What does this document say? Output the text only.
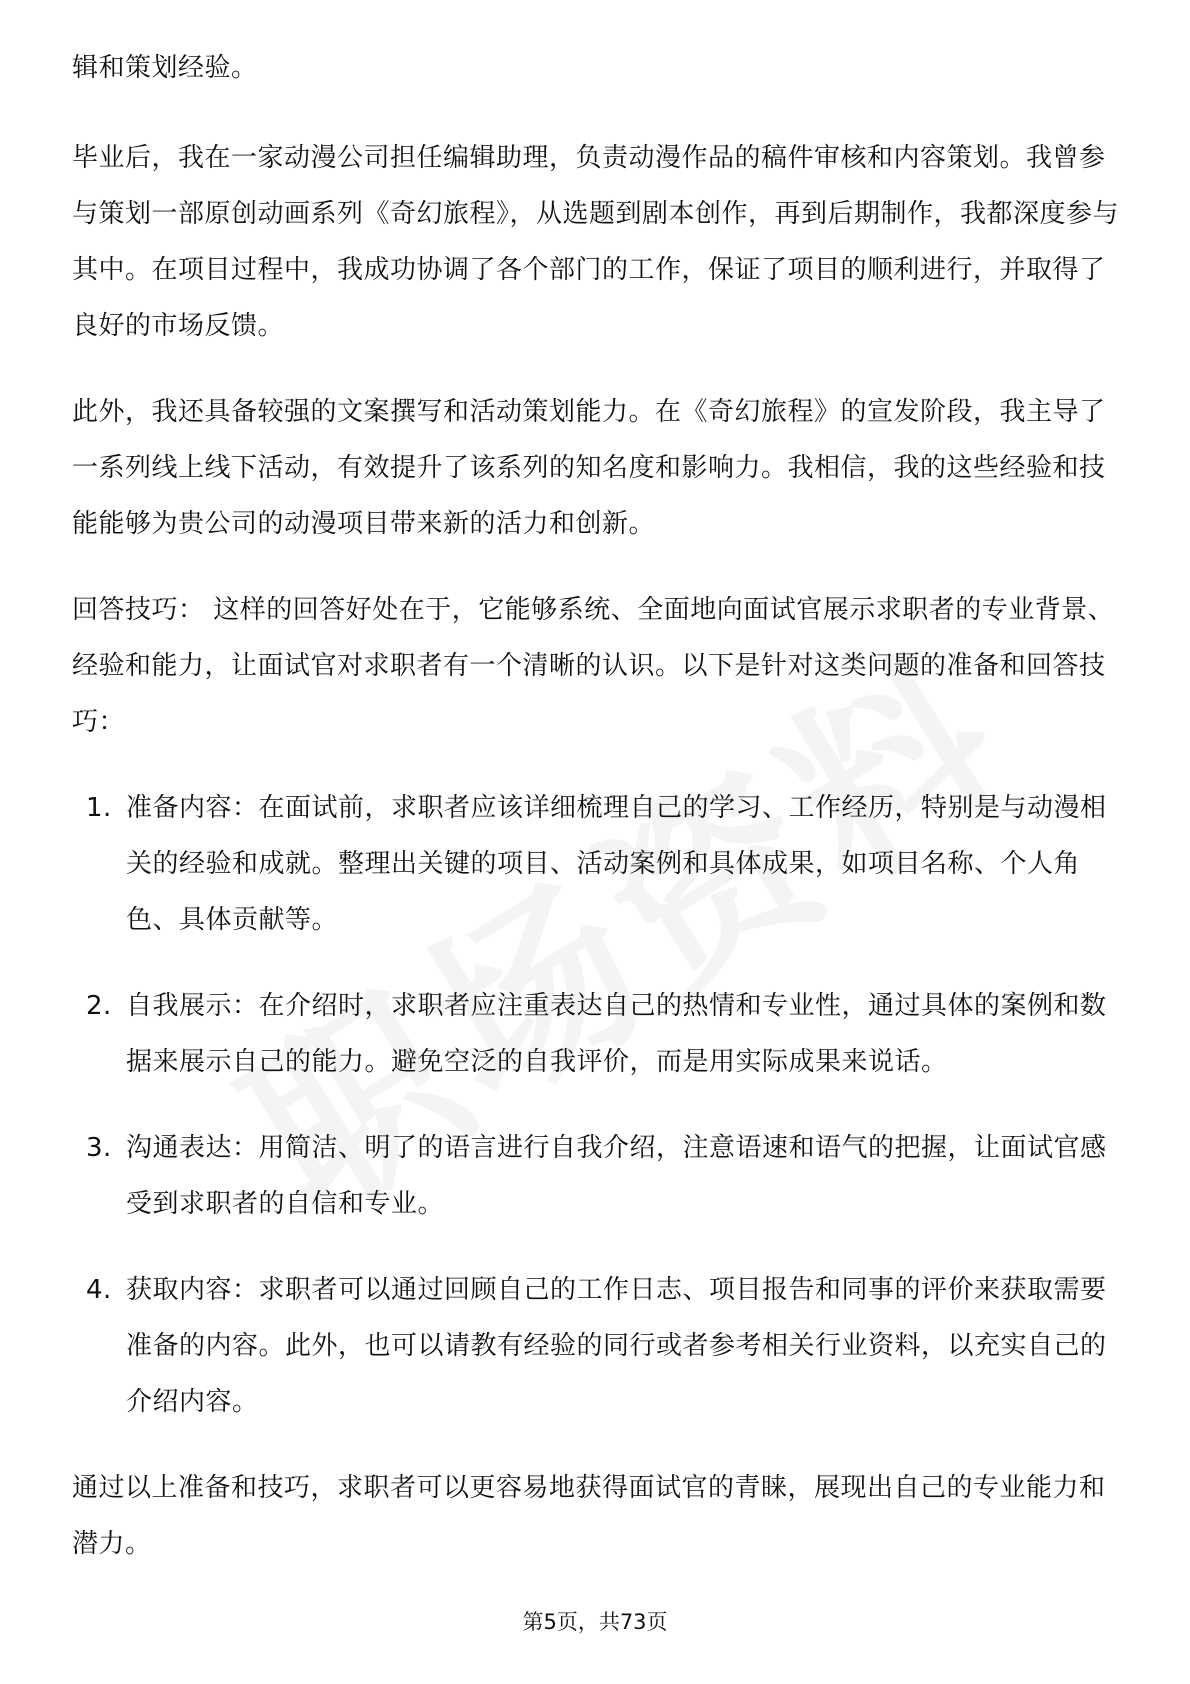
辑和策划经验。

毕业后，我在一家动漫公司担任编辑助理，负责动漫作品的稿件审核和内容策划。我曾参与策划一部原创动画系列《奇幻旅程》，从选题到剧本创作，再到后期制作，我都深度参与其中。在项目过程中，我成功协调了各个部门的工作，保证了项目的顺利进行，并取得了良好的市场反馈。

此外，我还具备较强的文案撰写和活动策划能力。在《奇幻旅程》的宣发阶段，我主导了一系列线上线下活动，有效提升了该系列的知名度和影响力。我相信，我的这些经验和技能能够为贵公司的动漫项目带来新的活力和创新。

回答技巧： 这样的回答好处在于，它能够系统、全面地向面试官展示求职者的专业背景、经验和能力，让面试官对求职者有一个清晰的认识。以下是针对这类问题的准备和回答技巧：

1. 准备内容：在面试前，求职者应该详细梳理自己的学习、工作经历，特别是与动漫相关的经验和成就。整理出关键的项目、活动案例和具体成果，如项目名称、个人角色、具体贡献等。
2. 自我展示：在介绍时，求职者应注重表达自己的热情和专业性，通过具体的案例和数据来展示自己的能力。避免空泛的自我评价，而是用实际成果来说话。
3. 沟通表达：用简洁、明了的语言进行自我介绍，注意语速和语气的把握，让面试官感受到求职者的自信和专业。
4. 获取内容：求职者可以通过回顾自己的工作日志、项目报告和同事的评价来获取需要准备的内容。此外，也可以请教有经验的同行或者参考相关行业资料，以充实自己的介绍内容。

通过以上准备和技巧，求职者可以更容易地获得面试官的青睐，展现出自己的专业能力和潜力。

第5页，共73页
